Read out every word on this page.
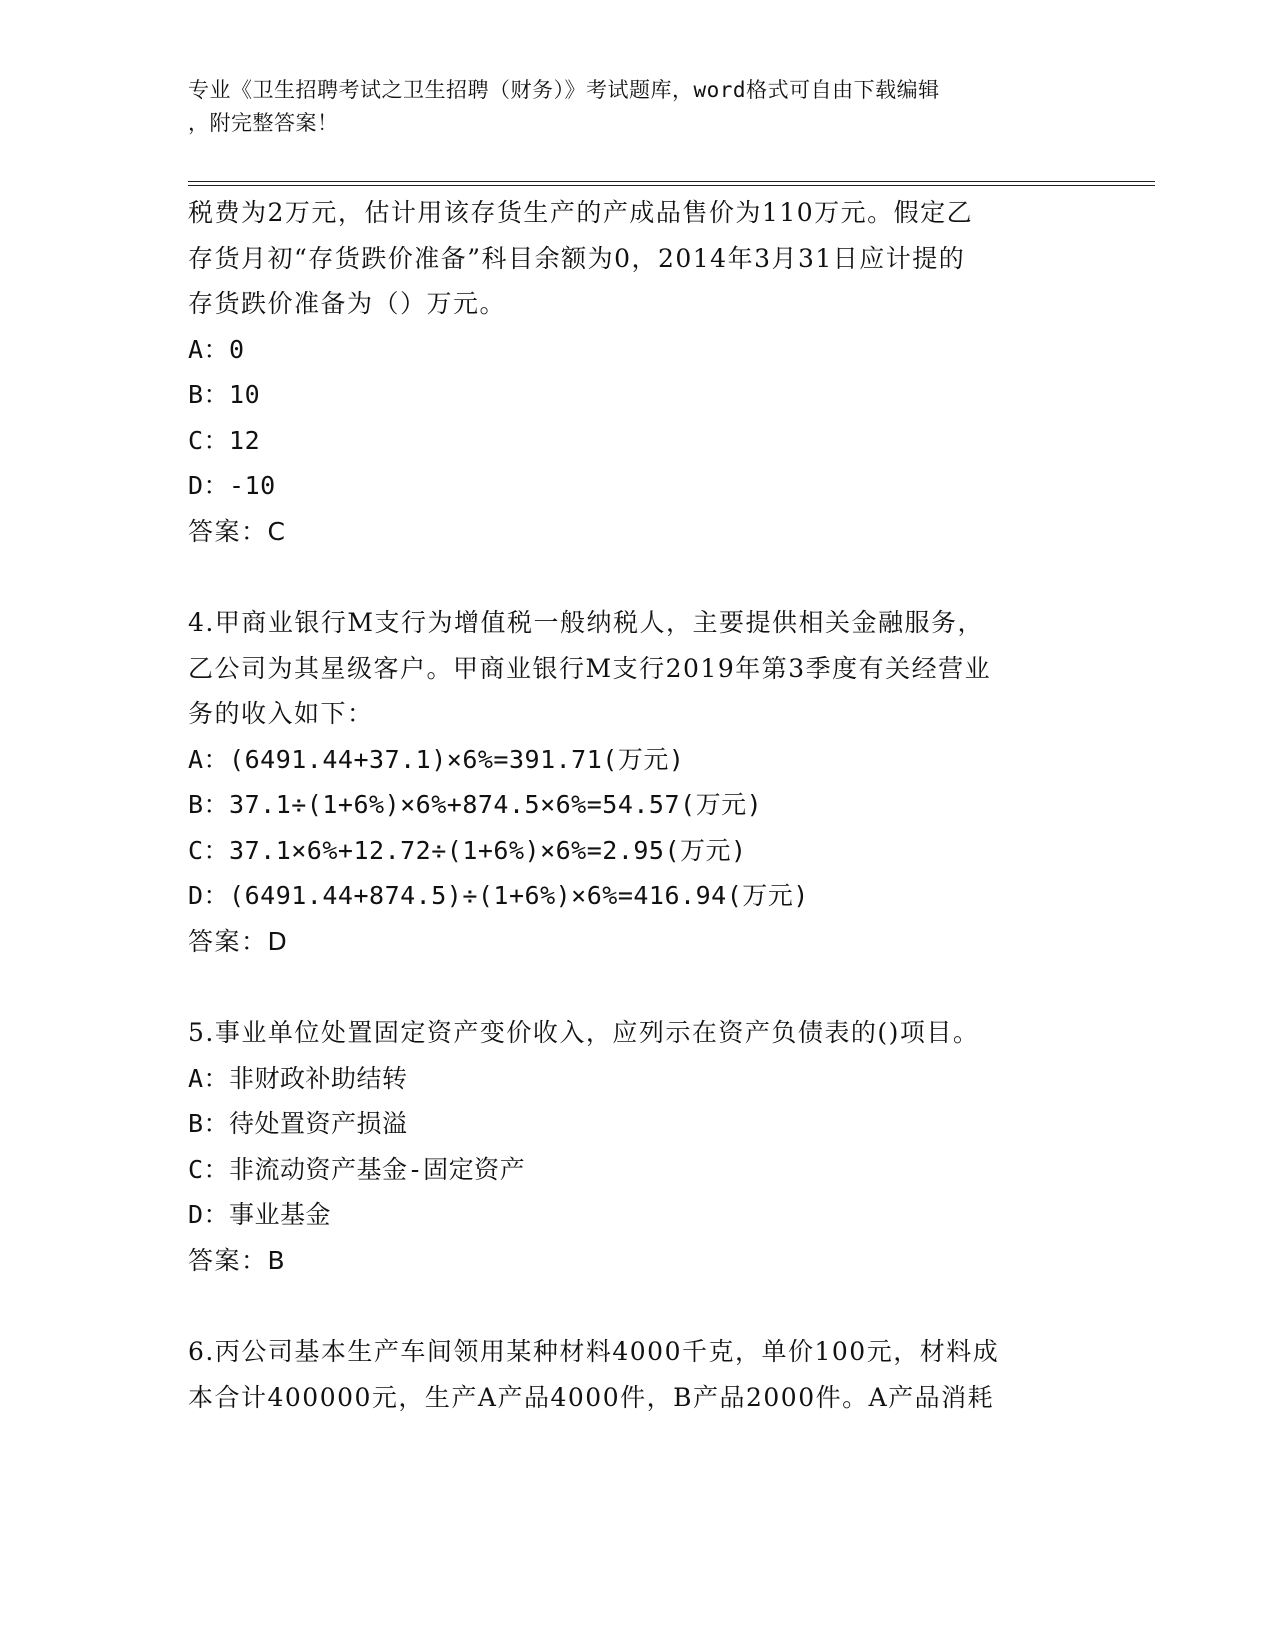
专业《卫生招聘考试之卫生招聘（财务）》考试题库，word格式可自由下载编辑
，附完整答案！

税费为2万元，估计用该存货生产的产成品售价为110万元。假定乙
存货月初“存货跌价准备”科目余额为0，2014年3月31日应计提的
存货跌价准备为（）万元。

A：0

B：10

C：12

D：-10

答案：C

4.甲商业银行M支行为增值税一般纳税人，主要提供相关金融服务，
乙公司为其星级客户。甲商业银行M支行2019年第3季度有关经营业
务的收入如下：

A：(6491.44+37.1)×6%=391.71(万元)

B：37.1÷(1+6%)×6%+874.5×6%=54.57(万元)

C：37.1×6%+12.72÷(1+6%)×6%=2.95(万元)

D：(6491.44+874.5)÷(1+6%)×6%=416.94(万元)

答案：D

5.事业单位处置固定资产变价收入，应列示在资产负债表的()项目。

A：非财政补助结转

B：待处置资产损溢

C：非流动资产基金-固定资产

D：事业基金

答案：B

6.丙公司基本生产车间领用某种材料4000千克，单价100元，材料成
本合计400000元，生产A产品4000件，B产品2000件。A产品消耗
